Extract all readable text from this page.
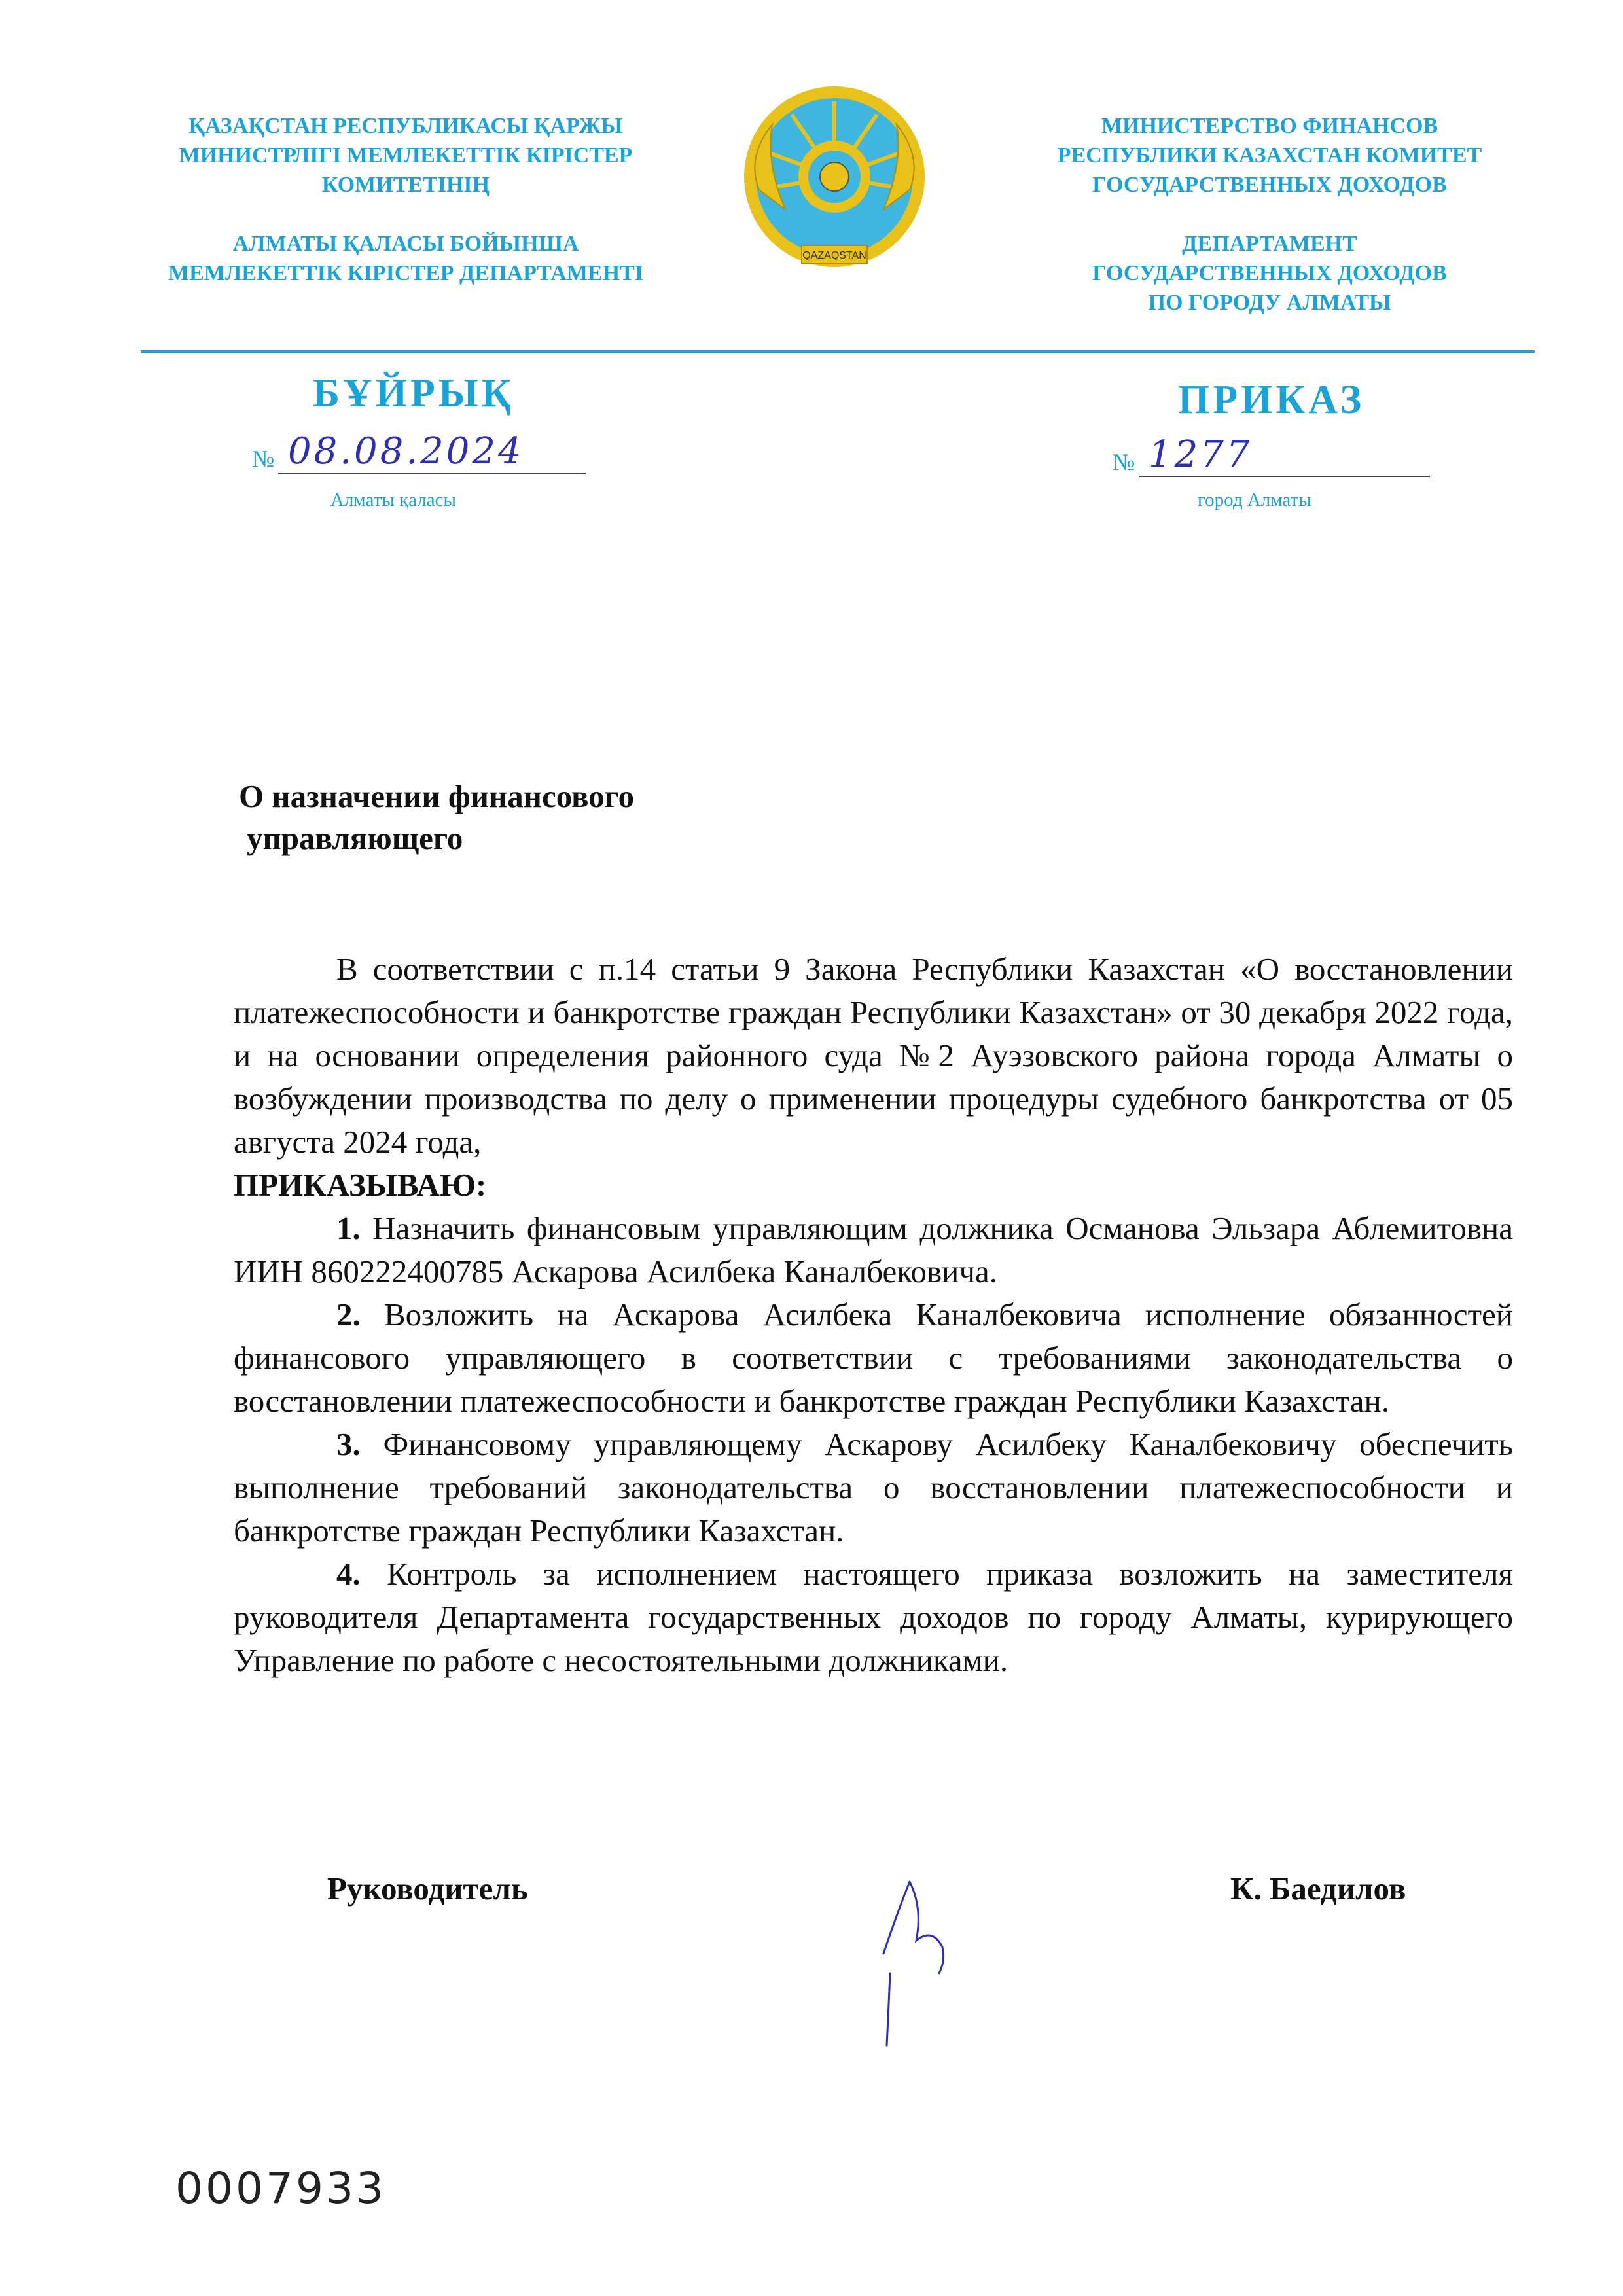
ҚАЗАҚСТАН РЕСПУБЛИКАСЫ ҚАРЖЫ
МИНИСТРЛІГІ МЕМЛЕКЕТТІК КІРІСТЕР
КОМИТЕТІНІҢ
АЛМАТЫ ҚАЛАСЫ БОЙЫНША
МЕМЛЕКЕТТІК КІРІСТЕР ДЕПАРТАМЕНТІ
QAZAQSTAN
МИНИСТЕРСТВО ФИНАНСОВ
РЕСПУБЛИКИ КАЗАХСТАН КОМИТЕТ
ГОСУДАРСТВЕННЫХ ДОХОДОВ
ДЕПАРТАМЕНТ
ГОСУДАРСТВЕННЫХ ДОХОДОВ
ПО ГОРОДУ АЛМАТЫ
БҰЙРЫҚ	ПРИКАЗ
№ 08.08.2024	№ 1277
Алматы қаласы	город Алматы
О назначении финансового
управляющего

В соответствии с п.14 статьи 9 Закона Республики Казахстан «О восстановлении платежеспособности и банкротстве граждан Республики Казахстан» от 30 декабря 2022 года, и на основании определения районного суда №2 Ауэзовского района города Алматы о возбуждении производства по делу о применении процедуры судебного банкротства от 05 августа 2024 года,

ПРИКАЗЫВАЮ:

1. Назначить финансовым управляющим должника Османова Эльзара Аблемитовна ИИН 860222400785 Аскарова Асилбека Каналбековича.

2. Возложить на Аскарова Асилбека Каналбековича исполнение обязанностей финансового управляющего в соответствии с требованиями законодательства о восстановлении платежеспособности и банкротстве граждан Республики Казахстан.

3. Финансовому управляющему Аскарову Асилбеку Каналбековичу обеспечить выполнение требований законодательства о восстановлении платежеспособности и банкротстве граждан Республики Казахстан.

4. Контроль за исполнением настоящего приказа возложить на заместителя руководителя Департамента государственных доходов по городу Алматы, курирующего Управление по работе с несостоятельными должниками.

Руководитель	К. Баедилов
0007933
